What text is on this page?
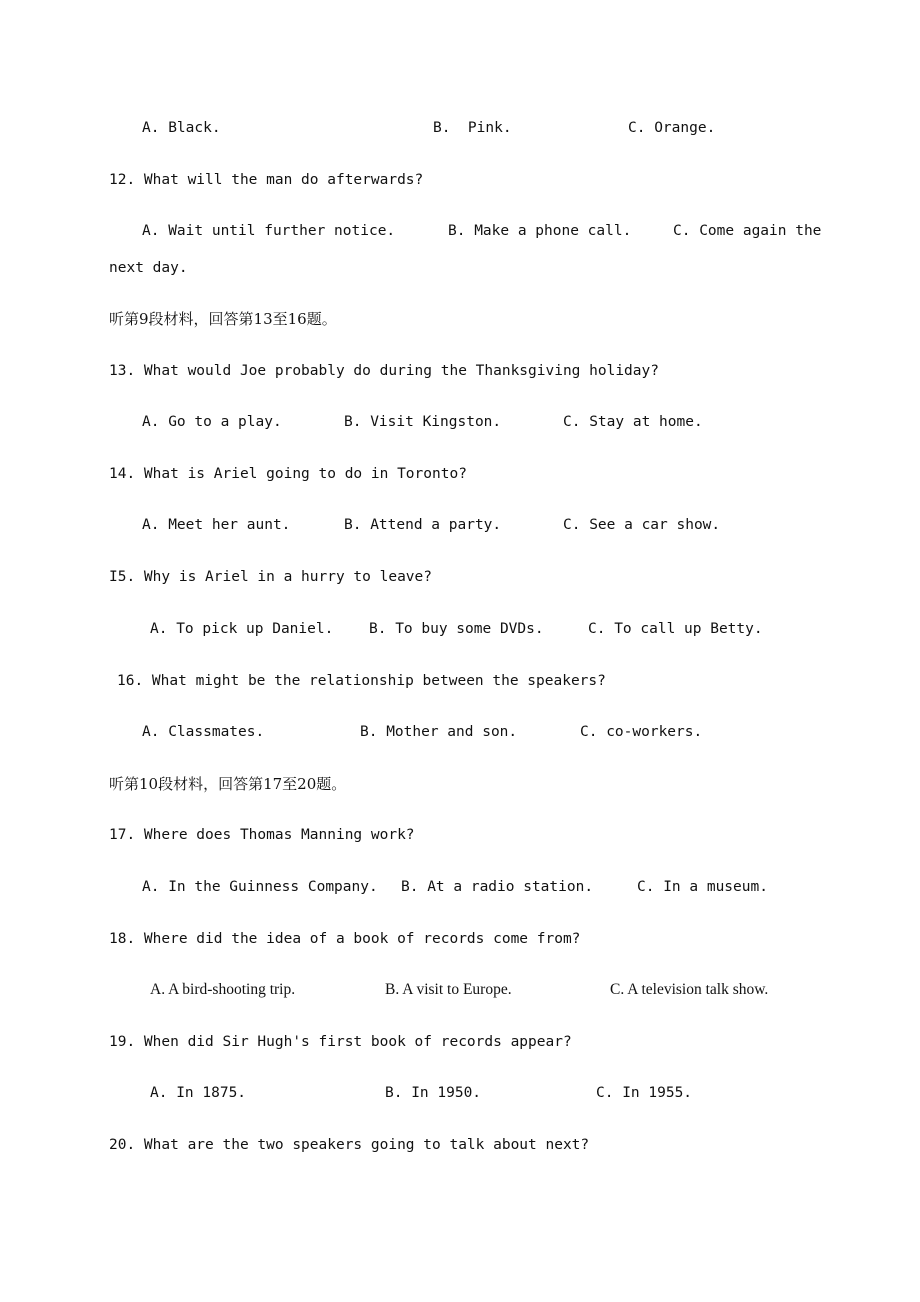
A. Black.	B.  Pink.	C. Orange.
12. What will the man do afterwards?
A. Wait until further notice.	B. Make a phone call.	C. Come again the
next day.
听第9段材料，回答第13至16题。
13. What would Joe probably do during the Thanksgiving holiday?
A. Go to a play.	B. Visit Kingston.	C. Stay at home.
14. What is Ariel going to do in Toronto?
A. Meet her aunt.	B. Attend a party.	C. See a car show.
I5. Why is Ariel in a hurry to leave?
A. To pick up Daniel. B. To buy some DVDs.	C. To call up Betty.
16. What might be the relationship between the speakers?
A. Classmates.	B. Mother and son.	C. co-workers.
听第10段材料，回答第17至20题。
17. Where does Thomas Manning work?
A. In the Guinness Company. B. At a radio station.	C. In a museum.
18. Where did the idea of a book of records come from?
A. A bird-shooting trip.	B. A visit to Europe.	C. A television talk show.
19. When did Sir Hugh's first book of records appear?
A. In 1875.	B. In 1950.	C. In 1955.
20. What are the two speakers going to talk about next?
